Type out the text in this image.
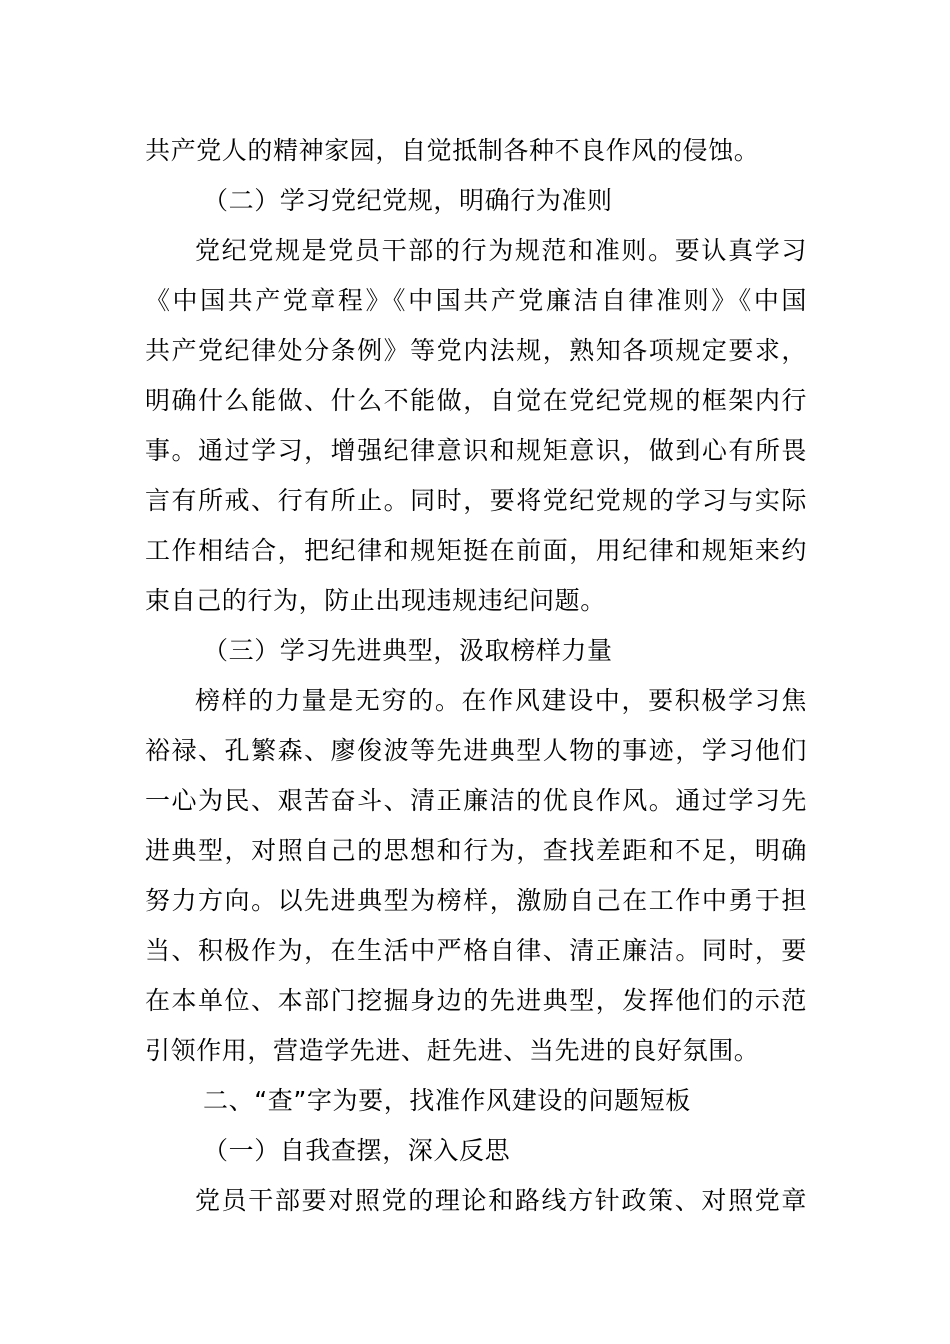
共产党人的精神家园，自觉抵制各种不良作风的侵蚀。
（二）学习党纪党规，明确行为准则
党纪党规是党员干部的行为规范和准则。要认真学习
《中国共产党章程》《中国共产党廉洁自律准则》《中国
共产党纪律处分条例》等党内法规，熟知各项规定要求，
明确什么能做、什么不能做，自觉在党纪党规的框架内行
事。通过学习，增强纪律意识和规矩意识，做到心有所畏
言有所戒、行有所止。同时，要将党纪党规的学习与实际
工作相结合，把纪律和规矩挺在前面，用纪律和规矩来约
束自己的行为，防止出现违规违纪问题。
（三）学习先进典型，汲取榜样力量
榜样的力量是无穷的。在作风建设中，要积极学习焦
裕禄、孔繁森、廖俊波等先进典型人物的事迹，学习他们
一心为民、艰苦奋斗、清正廉洁的优良作风。通过学习先
进典型，对照自己的思想和行为，查找差距和不足，明确
努力方向。以先进典型为榜样，激励自己在工作中勇于担
当、积极作为，在生活中严格自律、清正廉洁。同时，要
在本单位、本部门挖掘身边的先进典型，发挥他们的示范
引领作用，营造学先进、赶先进、当先进的良好氛围。
二、“查”字为要，找准作风建设的问题短板
（一）自我查摆，深入反思
党员干部要对照党的理论和路线方针政策、对照党章
